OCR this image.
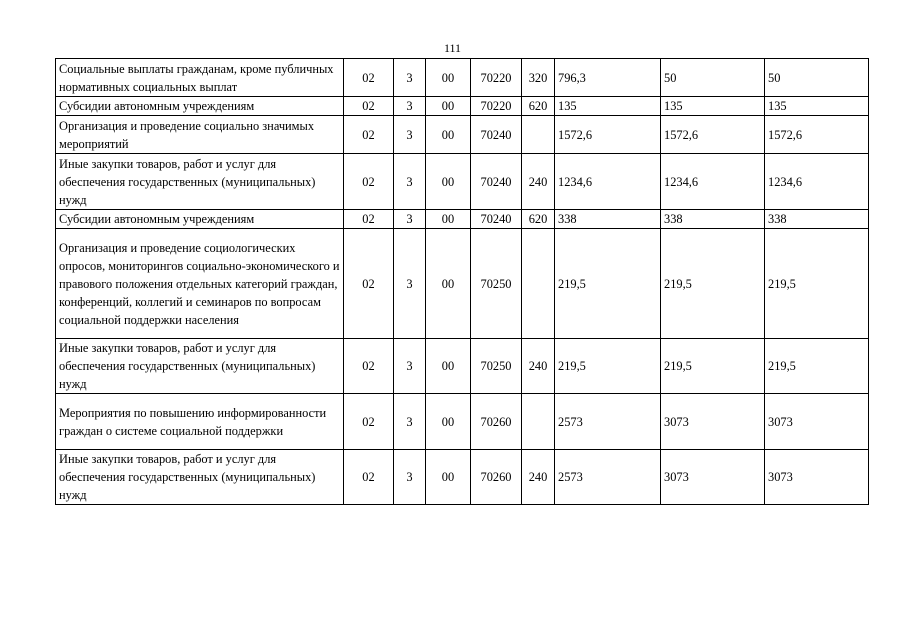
111
Социальные выплаты гражданам, кроме публичных нормативных социальных выплат	02	3	00	70220	320	796,3	50	50
Субсидии автономным учреждениям	02	3	00	70220	620	135	135	135
Организация и проведение социально значимых мероприятий	02	3	00	70240		1572,6	1572,6	1572,6
Иные закупки товаров, работ и услуг для обеспечения государственных (муниципальных) нужд	02	3	00	70240	240	1234,6	1234,6	1234,6
Субсидии автономным учреждениям	02	3	00	70240	620	338	338	338
Организация и проведение социологических опросов, мониторингов социально-экономического и правового положения отдельных категорий граждан, конференций, коллегий и семинаров по вопросам социальной поддержки населения	02	3	00	70250		219,5	219,5	219,5
Иные закупки товаров, работ и услуг для обеспечения государственных (муниципальных) нужд	02	3	00	70250	240	219,5	219,5	219,5
Мероприятия по повышению информированности граждан о системе социальной поддержки	02	3	00	70260		2573	3073	3073
Иные закупки товаров, работ и услуг для обеспечения государственных (муниципальных) нужд	02	3	00	70260	240	2573	3073	3073
